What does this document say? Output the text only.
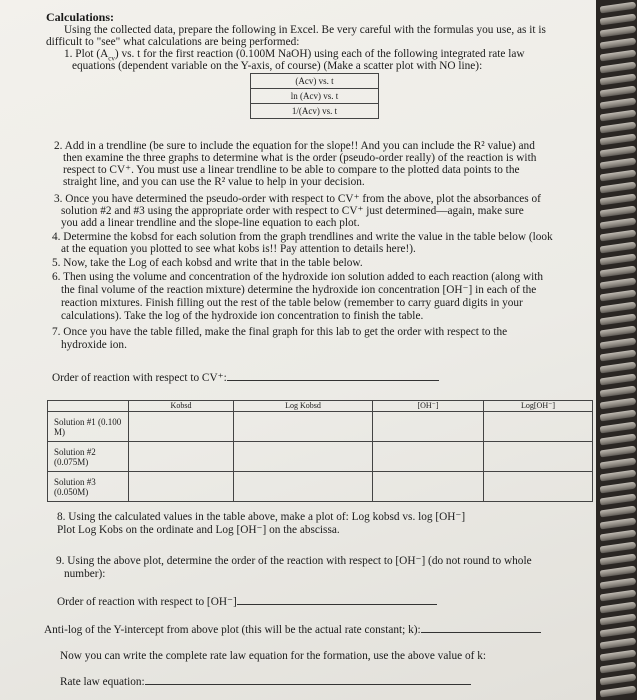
Calculations:
Using the collected data, prepare the following in Excel. Be very careful with the formulas you use, as it is
difficult to "see" what calculations are being performed:
1. Plot $(A_{cv})$ vs. t for the first reaction (0.100M NaOH) using each of the following integrated rate law
equations (dependent variable on the Y-axis, of course) (Make a scatter plot with NO line):
(Acv) vs. t
ln (Acv) vs. t
1/(Acv) vs. t
2. Add in a trendline (be sure to include the equation for the slope!! And you can include the R² value) and
then examine the three graphs to determine what is the order (pseudo-order really) of the reaction is with
respect to CV⁺. You must use a linear trendline to be able to compare to the plotted data points to the
straight line, and you can use the R² value to help in your decision.
3. Once you have determined the pseudo-order with respect to CV⁺ from the above, plot the absorbances of
solution #2 and #3 using the appropriate order with respect to CV⁺ just determined—again, make sure
you add a linear trendline and the slope-line equation to each plot.
4. Determine the kobsd for each solution from the graph trendlines and write the value in the table below (look
at the equation you plotted to see what kobs is!! Pay attention to details here!).
5. Now, take the Log of each kobsd and write that in the table below.
6. Then using the volume and concentration of the hydroxide ion solution added to each reaction (along with
the final volume of the reaction mixture) determine the hydroxide ion concentration [OH⁻] in each of the
reaction mixtures. Finish filling out the rest of the table below (remember to carry guard digits in your
calculations). Take the log of the hydroxide ion concentration to finish the table.
7. Once you have the table filled, make the final graph for this lab to get the order with respect to the
hydroxide ion.
Order of reaction with respect to CV⁺:
	Kobsd	Log Kobsd	[OH⁻]	Log[OH⁻]
Solution #1 (0.100 M)				
Solution #2 (0.075M)				
Solution #3 (0.050M)				
8. Using the calculated values in the table above, make a plot of: Log kobsd vs. log [OH⁻]
Plot Log Kobs on the ordinate and Log [OH⁻] on the abscissa.
9. Using the above plot, determine the order of the reaction with respect to [OH⁻] (do not round to whole
number):
Order of reaction with respect to [OH⁻]
Anti-log of the Y-intercept from above plot (this will be the actual rate constant; k):
Now you can write the complete rate law equation for the formation, use the above value of k:
Rate law equation:
